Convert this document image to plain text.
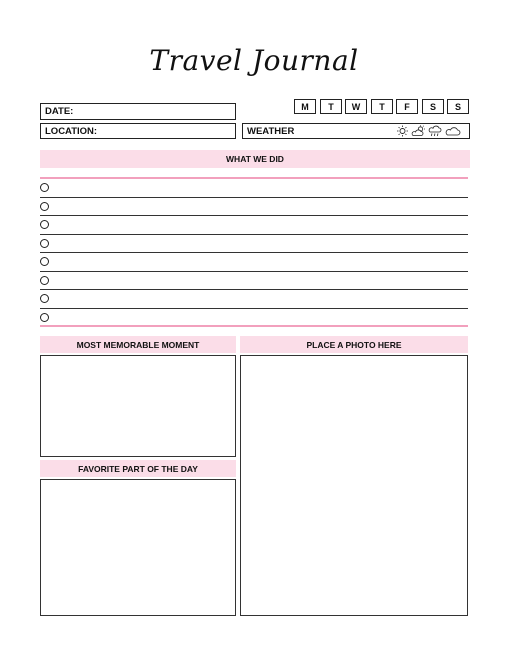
Travel Journal
DATE:
LOCATION:
M T W T F S S
WEATHER
WHAT WE DID
MOST MEMORABLE MOMENT
FAVORITE PART OF THE DAY
PLACE A PHOTO HERE
